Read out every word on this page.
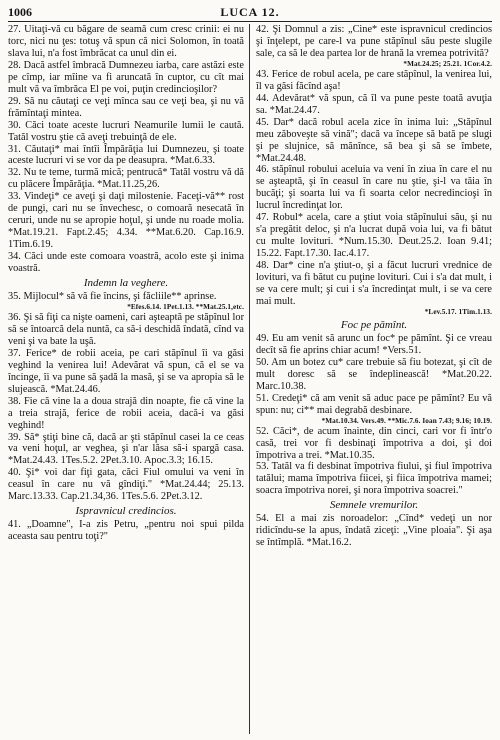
1006	LUCA 12.

27. Uitaţi-vă cu băgare de seamă cum cresc crinii: ei nu torc, nici nu ţes: totuş vă spun că nici Solomon, în toată slava lui, n'a fost îmbrăcat ca unul din ei.

28. Dacă astfel îmbracă Dumnezeu iarba, care astăzi este pe cîmp, iar mîine va fi aruncată în cuptor, cu cît mai mult vă va îmbrăca El pe voi, puţin credincioşilor?

29. Să nu căutaţi ce veţi mînca sau ce veţi bea, şi nu vă frămîntaţi mintea.

30. Căci toate aceste lucruri Neamurile lumii le caută. Tatăl vostru ştie că aveţi trebuinţă de ele.

31. Căutaţi* mai întîi Împărăţia lui Dumnezeu, şi toate aceste lucruri vi se vor da pe deasupra. *Mat.6.33.

32. Nu te teme, turmă mică; pentrucă* Tatăl vostru vă dă cu plăcere Împărăţia. *Mat.11.25,26.

33. Vindeţi* ce aveţi şi daţi milostenie. Faceţi-vă** rost de pungi, cari nu se învechesc, o comoară nesecată în ceruri, unde nu se apropie hoţul, şi unde nu roade molia. *Mat.19.21. Fapt.2.45; 4.34. **Mat.6.20. Cap.16.9. 1Tim.6.19.

34. Căci unde este comoara voastră, acolo este şi inima voastră.

Indemn la veghere.

35. Mijlocul* să vă fie încins, şi făcliile** aprinse.

*Efes.6.14. 1Pet.1.13. **Mat.25.1,etc.

36. Şi să fiţi ca nişte oameni, cari aşteaptă pe stăpînul lor să se întoarcă dela nuntă, ca să-i deschidă îndată, cînd va veni şi va bate la uşă.

37. Ferice* de robii aceia, pe cari stăpînul îi va găsi veghind la venirea lui! Adevărat vă spun, că el se va încinge, îi va pune să şadă la masă, şi se va apropia să le slujească. *Mat.24.46.

38. Fie că vine la a doua strajă din noapte, fie că vine la a treia strajă, ferice de robii aceia, dacă-i va găsi veghind!

39. Să* ştiţi bine că, dacă ar şti stăpînul casei la ce ceas va veni hoţul, ar veghea, şi n'ar lăsa să-i spargă casa. *Mat.24.43. 1Tes.5.2. 2Pet.3.10. Apoc.3.3; 16.15.

40. Şi* voi dar fiţi gata, căci Fiul omului va veni în ceasul în care nu vă gîndiţi." *Mat.24.44; 25.13. Marc.13.33. Cap.21.34,36. 1Tes.5.6. 2Pet.3.12.

Ispravnicul credincios.

41. „Doamne", I-a zis Petru, „pentru noi spui pilda aceasta sau pentru toţi?"

42. Şi Domnul a zis: „Cine* este ispravnicul credincios şi înţelept, pe care-l va pune stăpînul său peste slugile sale, ca să le dea partea lor de hrană la vremea potrivită?

*Mat.24.25; 25.21. 1Cor.4.2.

43. Ferice de robul acela, pe care stăpînul, la venirea lui, îl va găsi făcînd aşa!

44. Adevărat* vă spun, că îl va pune peste toată avuţia sa. *Mat.24.47.

45. Dar* dacă robul acela zice în inima lui: „Stăpînul meu zăboveşte să vină"; dacă va începe să bată pe slugi şi pe slujnice, să mănînce, să bea şi să se îmbete, *Mat.24.48.

46. stăpînul robului aceluia va veni în ziua în care el nu se aşteaptă, şi în ceasul în care nu ştie, şi-l va tăia în bucăţi; şi soarta lui va fi soarta celor necredincioşi în lucrul încredinţat lor.

47. Robul* acela, care a ştiut voia stăpînului său, şi nu s'a pregătit deloc, şi n'a lucrat după voia lui, va fi bătut cu multe lovituri. *Num.15.30. Deut.25.2. Ioan 9.41; 15.22. Fapt.17.30. Iac.4.17.

48. Dar* cine n'a ştiut-o, şi a făcut lucruri vrednice de lovituri, va fi bătut cu puţine lovituri. Cui i s'a dat mult, i se va cere mult; şi cui i s'a încredinţat mult, i se va cere mai mult.

*Lev.5.17. 1Tim.1.13.

Foc pe pămînt.

49. Eu am venit să arunc un foc* pe pămînt. Şi ce vreau decît să fie aprins chiar acum! *Vers.51.

50. Am un botez cu* care trebuie să fiu botezat, şi cît de mult doresc să se îndeplinească! *Mat.20.22. Marc.10.38.

51. Credeţi* că am venit să aduc pace pe pămînt? Eu vă spun: nu; ci** mai degrabă desbinare.

*Mat.10.34. Vers.49. **Mic.7.6. Ioan 7.43; 9.16; 10.19.

52. Căci*, de acum înainte, din cinci, cari vor fi într'o casă, trei vor fi desbinaţi împotriva a doi, şi doi împotriva a trei. *Mat.10.35.

53. Tatăl va fi desbinat împotriva fiului, şi fiul împotriva tatălui; mama împotriva fiicei, şi fiica împotriva mamei; soacra împotriva norei, şi nora împotriva soacrei."

Semnele vremurilor.

54. El a mai zis noroadelor: „Cînd* vedeţi un nor ridicîndu-se la apus, îndată ziceţi: „Vine ploaia". Şi aşa se întîmplă. *Mat.16.2.
